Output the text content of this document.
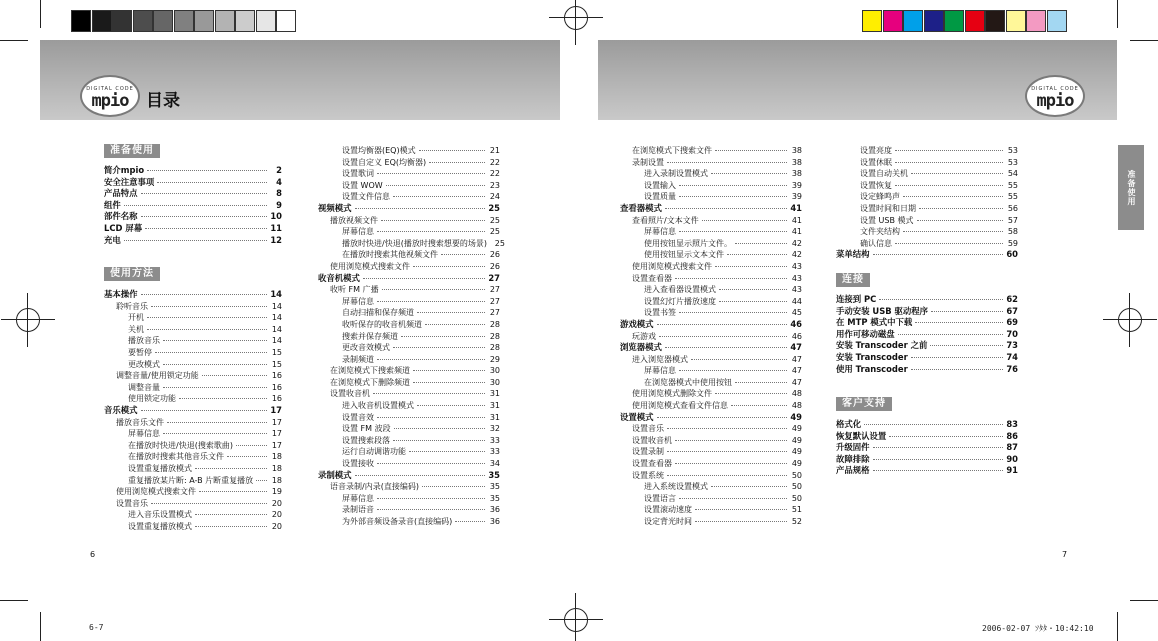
DIGITAL CODE
mpio
DIGITAL CODE
mpio
目录
准备使用
准备使用
使用方法
连接
客户支持
简介mpio	2
安全注意事项	4
产品特点	8
组件	9
部件名称	10
LCD 屏幕	11
充电	12
基本操作	14
聆听音乐	14
开机	14
关机	14
播放音乐	14
要暂停	15
更改模式	15
调整音量/使用锁定功能	16
调整音量	16
使用锁定功能	16
音乐模式	17
播放音乐文件	17
屏幕信息	17
在播放时快进/快退(搜索歌曲)	17
在播放时搜索其他音乐文件	18
设置重复播放模式	18
重复播放某片断: A-B 片断重复播放 18
使用浏览模式搜索文件	19
设置音乐	20
进入音乐设置模式	20
设置重复播放模式	20
设置均衡器(EQ)模式	21
设置自定义 EQ(均衡器)	22
设置歌词	22
设置 WOW	23
设置文件信息	24
视频模式	25
播放视频文件	25
屏幕信息	25
播放时快进/快退(播放时搜索想要的场景) 25
在播放时搜索其他视频文件	26
使用浏览模式搜索文件	26
收音机模式	27
收听 FM 广播	27
屏幕信息	27
自动扫描和保存频道	27
收听保存的收音机频道	28
搜索并保存频道	28
更改音效模式	28
录制频道	29
在浏览模式下搜索频道	30
在浏览模式下删除频道	30
设置收音机	31
进入收音机设置模式	31
设置音效	31
设置 FM 波段	32
设置搜索段落	33
运行自动调谐功能	33
设置接收	34
录制模式	35
语音录制/内录(直接编码)	35
屏幕信息	35
录制语音	36
为外部音频设备录音(直接编码)	36
在浏览模式下搜索文件	38
录制设置	38
进入录制设置模式	38
设置输入	39
设置质量	39
查看器模式	41
查看照片/文本文件	41
屏幕信息	41
使用按钮显示照片文件。	42
使用按钮显示文本文件	42
使用浏览模式搜索文件	43
设置查看器	43
进入查看器设置模式	43
设置幻灯片播放速度	44
设置书签	45
游戏模式	46
玩游戏	46
浏览器模式	47
进入浏览器模式	47
屏幕信息	47
在浏览器模式中使用按钮	47
使用浏览模式删除文件	48
使用浏览模式查看文件信息	48
设置模式	49
设置音乐	49
设置收音机	49
设置录制	49
设置查看器	49
设置系统	50
进入系统设置模式	50
设置语言	50
设置滚动速度	51
设定背光时间	52
设置亮度	53
设置休眠	53
设置自动关机	54
设置恢复	55
设定蜂鸣声	55
设置时间和日期	56
设置 USB 模式	57
文件夹结构	58
确认信息	59
菜单结构	60
连接到 PC	62
手动安装 USB 驱动程序	67
在 MTP 模式中下载	69
用作可移动磁盘	70
安装 Transcoder 之前	73
安装 Transcoder	74
使用 Transcoder	76
格式化	83
恢复默认设置	86
升级固件	87
故障排除	90
产品规格	91
6	7
6-7	2006-02-07 ｿﾀﾀ・10:42:10
